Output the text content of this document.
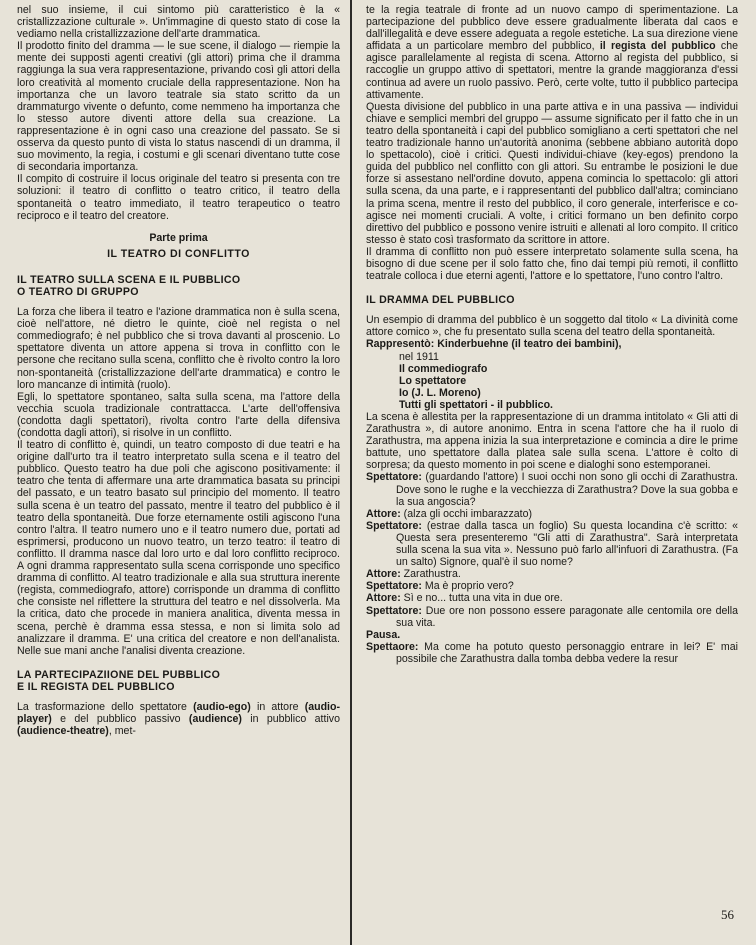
nel suo insieme, il cui sintomo più caratteristico è la « cristallizzazione culturale ». Un'immagine di questo stato di cose la vediamo nella cristallizzazione dell'arte drammatica.

Il prodotto finito del dramma — le sue scene, il dialogo — riempie la mente dei supposti agenti creativi (gli attori) prima che il dramma raggiunga la sua vera rappresentazione, privando così gli attori della loro creatività al momento cruciale della rappresentazione. Non ha importanza che un lavoro teatrale sia stato scritto da un drammaturgo vivente o defunto, come nemmeno ha importanza che lo stesso autore diventi attore della sua creazione. La rappresentazione è in ogni caso una creazione del passato. Se si osserva da questo punto di vista lo status nascendi di un dramma, il suo movimento, la regia, i costumi e gli scenari diventano tutte cose di secondaria importanza.

Il compito di costruire il locus originale del teatro si presenta con tre soluzioni: il teatro di conflitto o teatro critico, il teatro della spontaneità o teatro immediato, il teatro terapeutico o teatro reciproco e il teatro del creatore.

Parte prima
IL TEATRO DI CONFLITTO
IL TEATRO SULLA SCENA E IL PUBBLICO
O TEATRO DI GRUPPO

La forza che libera il teatro e l'azione drammatica non è sulla scena, cioè nell'attore, né dietro le quinte, cioè nel regista o nel commediografo; è nel pubblico che si trova davanti al proscenio. Lo spettatore diventa un attore appena si trova in conflitto con le persone che recitano sulla scena, conflitto che è rivolto contro la loro non-spontaneità (cristallizzazione dell'arte drammatica) e contro le loro mancanze di intimità (ruolo).

Egli, lo spettatore spontaneo, salta sulla scena, ma l'attore della vecchia scuola tradizionale contrattacca. L'arte dell'offensiva (condotta dagli spettatori), rivolta contro l'arte della difensiva (condotta dagli attori), si risolve in un conflitto.

Il teatro di conflitto è, quindi, un teatro composto di due teatri e ha origine dall'urto tra il teatro interpretato sulla scena e il teatro del pubblico. Questo teatro ha due poli che agiscono positivamente: il teatro che tenta di affermare una arte drammatica basata su principi del passato, e un teatro basato sul principio del momento. Il teatro sulla scena è un teatro del passato, mentre il teatro del pubblico è il teatro della spontaneità. Due forze eternamente ostili agiscono l'una contro l'altra. Il teatro numero uno e il teatro numero due, portati ad esprimersi, producono un nuovo teatro, un terzo teatro: il teatro di conflitto. Il dramma nasce dal loro urto e dal loro conflitto reciproco. A ogni dramma rappresentato sulla scena corrisponde uno specifico dramma di conflitto. Al teatro tradizionale e alla sua struttura inerente (regista, commediografo, attore) corrisponde un dramma di conflitto che consiste nel riflettere la struttura del teatro e nel dissolverla. Ma la critica, dato che procede in maniera analitica, diventa messa in scena, perchè è dramma essa stessa, e non si limita solo ad analizzare il dramma. E' una critica del creatore e non dell'analista. Nelle sue mani anche l'analisi diventa creazione.

LA PARTECIPAZIIONE DEL PUBBLICO
E IL REGISTA DEL PUBBLICO

La trasformazione dello spettatore (audio-ego) in attore (audio-player) e del pubblico passivo (audience) in pubblico attivo (audience-theatre), met-

te la regia teatrale di fronte ad un nuovo campo di sperimentazione. La partecipazione del pubblico deve essere gradualmente liberata dal caos e dall'illegalità e deve essere adeguata a regole estetiche. La sua direzione viene affidata a un particolare membro del pubblico, il regista del pubblico che agisce parallelamente al regista di scena. Attorno al regista del pubblico, si raccoglie un gruppo attivo di spettatori, mentre la grande maggioranza d'essi continua ad avere un ruolo passivo. Però, certe volte, tutto il pubblico partecipa attivamente.

Questa divisione del pubblico in una parte attiva e in una passiva — individui chiave e semplici membri del gruppo — assume significato per il fatto che in un teatro della spontaneità i capi del pubblico somigliano a certi spettatori che nel teatro tradizionale hanno un'autorità anonima (sebbene abbiano autorità dopo lo spettacolo), cioè i critici. Questi individui-chiave (key-egos) prendono la guida del pubblico nel conflitto con gli attori. Su entrambe le posizioni le due forze si assestano nell'ordine dovuto, appena comincia lo spettacolo: gli attori sulla scena, da una parte, e i rappresentanti del pubblico dall'altra; cominciano la prima scena, mentre il resto del pubblico, il coro generale, interferisce e co-agisce nei momenti cruciali. A volte, i critici formano un ben definito corpo direttivo del pubblico e possono venire istruiti e allenati al loro compito. Il critico stesso è stato così trasformato da scrittore in attore.

Il dramma di conflitto non può essere interpretato solamente sulla scena, ha bisogno di due scene per il solo fatto che, fino dai tempi più remoti, il conflitto teatrale colloca i due eterni agenti, l'attore e lo spettatore, l'uno contro l'altro.

IL DRAMMA DEL PUBBLICO

Un esempio di dramma del pubblico è un soggetto dal titolo « La divinità come attore comico », che fu presentato sulla scena del teatro della spontaneità.

Rappresentò:
Kinderbuehne (il teatro dei bambini),
nel 1911
Il commediografo
Lo spettatore
Io (J. L. Moreno)
Tutti gli spettatori - il pubblico.

La scena è allestita per la rappresentazione di un dramma intitolato « Gli atti di Zarathustra », di autore anonimo. Entra in scena l'attore che ha il ruolo di Zarathustra, ma appena inizia la sua interpretazione e comincia a dire le prime battute, uno spettatore dalla platea sale sulla scena. L'attore è colto di sorpresa; da questo momento in poi scene e dialoghi sono estemporanei.

Spettatore: (guardando l'attore) I suoi occhi non sono gli occhi di Zarathustra. Dove sono le rughe e la vecchiezza di Zarathustra? Dove la sua gobba e la sua angoscia?
Attore: (alza gli occhi imbarazzato)
Spettatore: (estrae dalla tasca un foglio) Su questa locandina c'è scritto: « Questa sera presenteremo "Gli atti di Zarathustra". Sarà interpretata sulla scena la sua vita ». Nessuno può farlo all'infuori di Zarathustra. (Fa un salto) Signore, qual'è il suo nome?
Attore: Zarathustra.
Spettatore: Ma è proprio vero?
Attore: Sì e no... tutta una vita in due ore.
Spettatore: Due ore non possono essere paragonate alle centomila ore della sua vita.
Pausa.
Spettaore: Ma come ha potuto questo personaggio entrare in lei? E' mai possibile che Zarathustra dalla tomba debba vedere la resur
56
